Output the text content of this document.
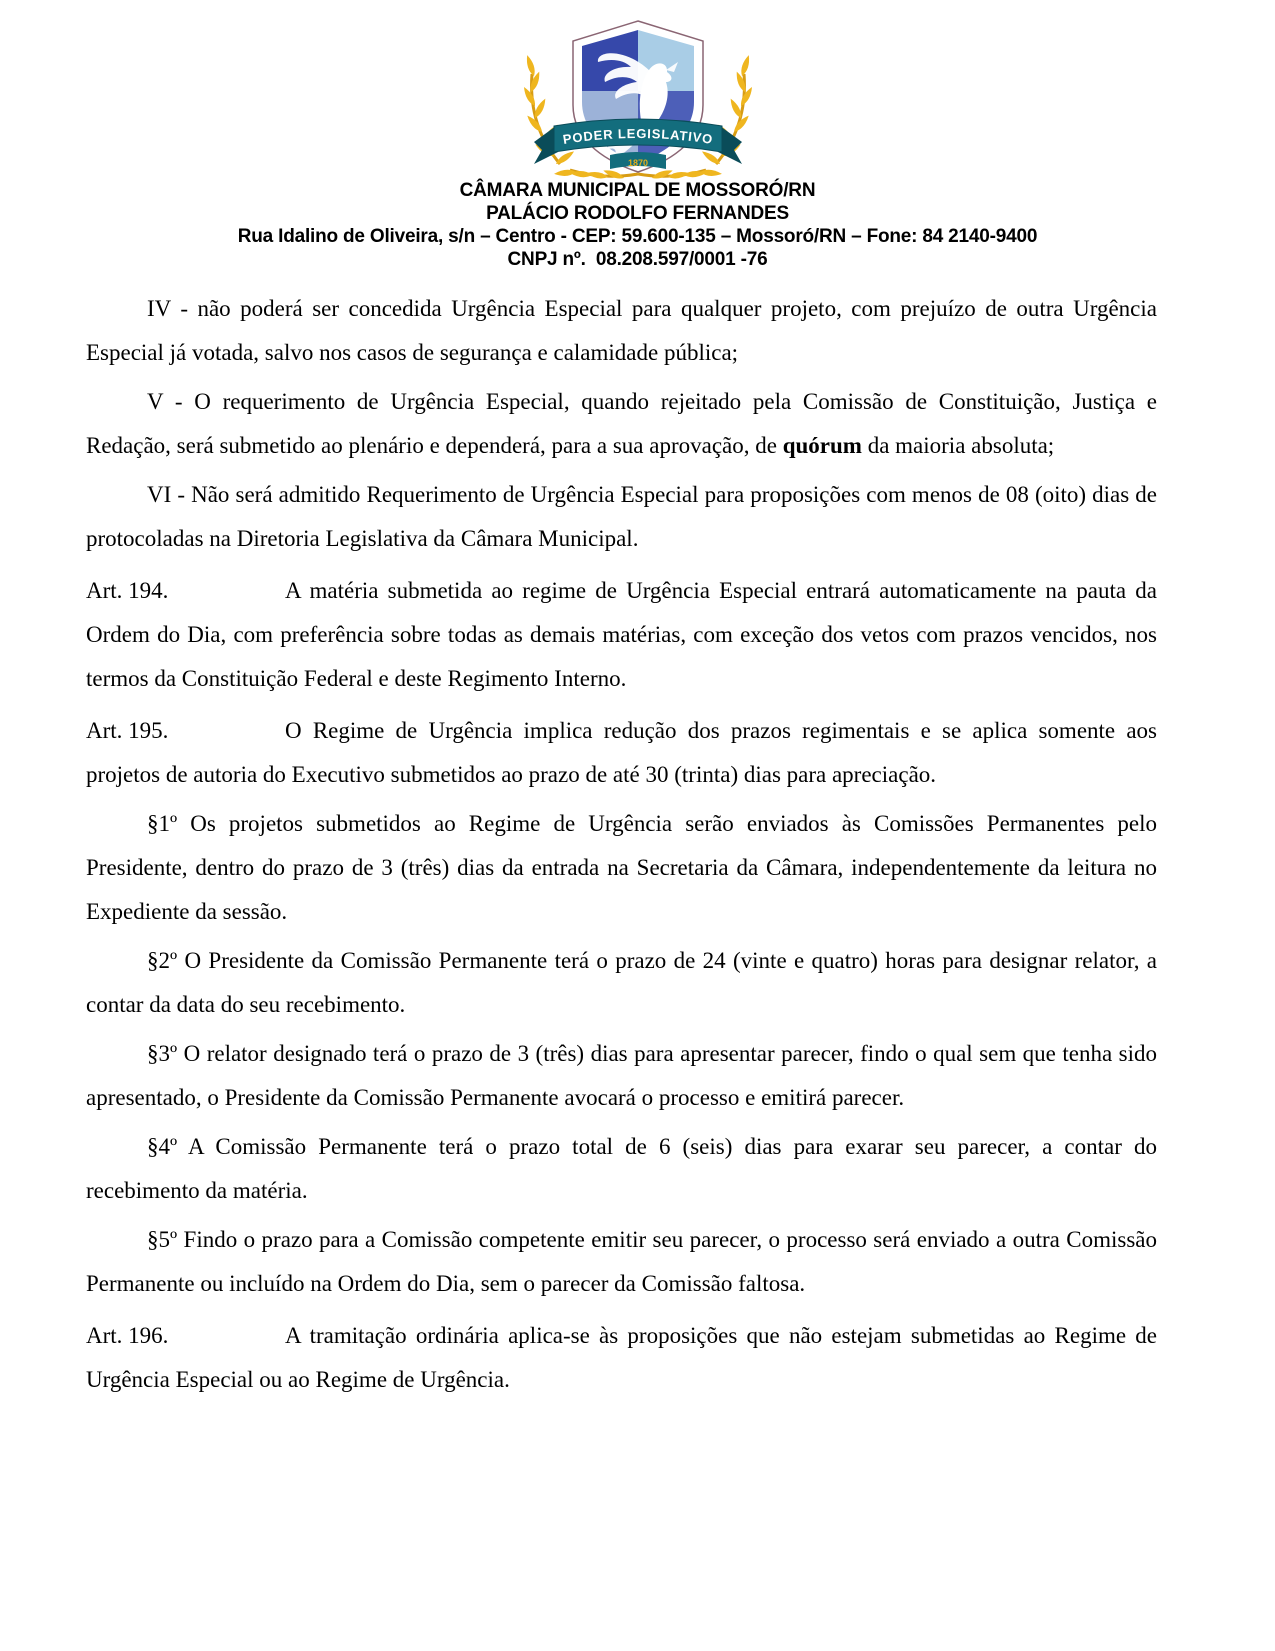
PODER LEGISLATIVO
1870
CÂMARA MUNICIPAL DE MOSSORÓ/RN
PALÁCIO RODOLFO FERNANDES
Rua Idalino de Oliveira, s/n – Centro - CEP: 59.600-135 – Mossoró/RN – Fone: 84 2140-9400
CNPJ nº.  08.208.597/0001 -76

IV - não poderá ser concedida Urgência Especial para qualquer projeto, com prejuízo de outra Urgência Especial já votada, salvo nos casos de segurança e calamidade pública;

V - O requerimento de Urgência Especial, quando rejeitado pela Comissão de Constituição, Justiça e Redação, será submetido ao plenário e dependerá, para a sua aprovação, de quórum da maioria absoluta;

VI - Não será admitido Requerimento de Urgência Especial para proposições com menos de 08 (oito) dias de protocoladas na Diretoria Legislativa da Câmara Municipal.

Art. 194.	A matéria submetida ao regime de Urgência Especial entrará automaticamente na pauta da Ordem do Dia, com preferência sobre todas as demais matérias, com exceção dos vetos com prazos vencidos, nos termos da Constituição Federal e deste Regimento Interno.

Art. 195.	O Regime de Urgência implica redução dos prazos regimentais e se aplica somente aos projetos de autoria do Executivo submetidos ao prazo de até 30 (trinta) dias para apreciação.

§1º Os projetos submetidos ao Regime de Urgência serão enviados às Comissões Permanentes pelo Presidente, dentro do prazo de 3 (três) dias da entrada na Secretaria da Câmara, independentemente da leitura no Expediente da sessão.

§2º O Presidente da Comissão Permanente terá o prazo de 24 (vinte e quatro) horas para designar relator, a contar da data do seu recebimento.

§3º O relator designado terá o prazo de 3 (três) dias para apresentar parecer, findo o qual sem que tenha sido apresentado, o Presidente da Comissão Permanente avocará o processo e emitirá parecer.

§4º A Comissão Permanente terá o prazo total de 6 (seis) dias para exarar seu parecer, a contar do recebimento da matéria.

§5º Findo o prazo para a Comissão competente emitir seu parecer, o processo será enviado a outra Comissão Permanente ou incluído na Ordem do Dia, sem o parecer da Comissão faltosa.

Art. 196.	A tramitação ordinária aplica-se às proposições que não estejam submetidas ao Regime de Urgência Especial ou ao Regime de Urgência.
